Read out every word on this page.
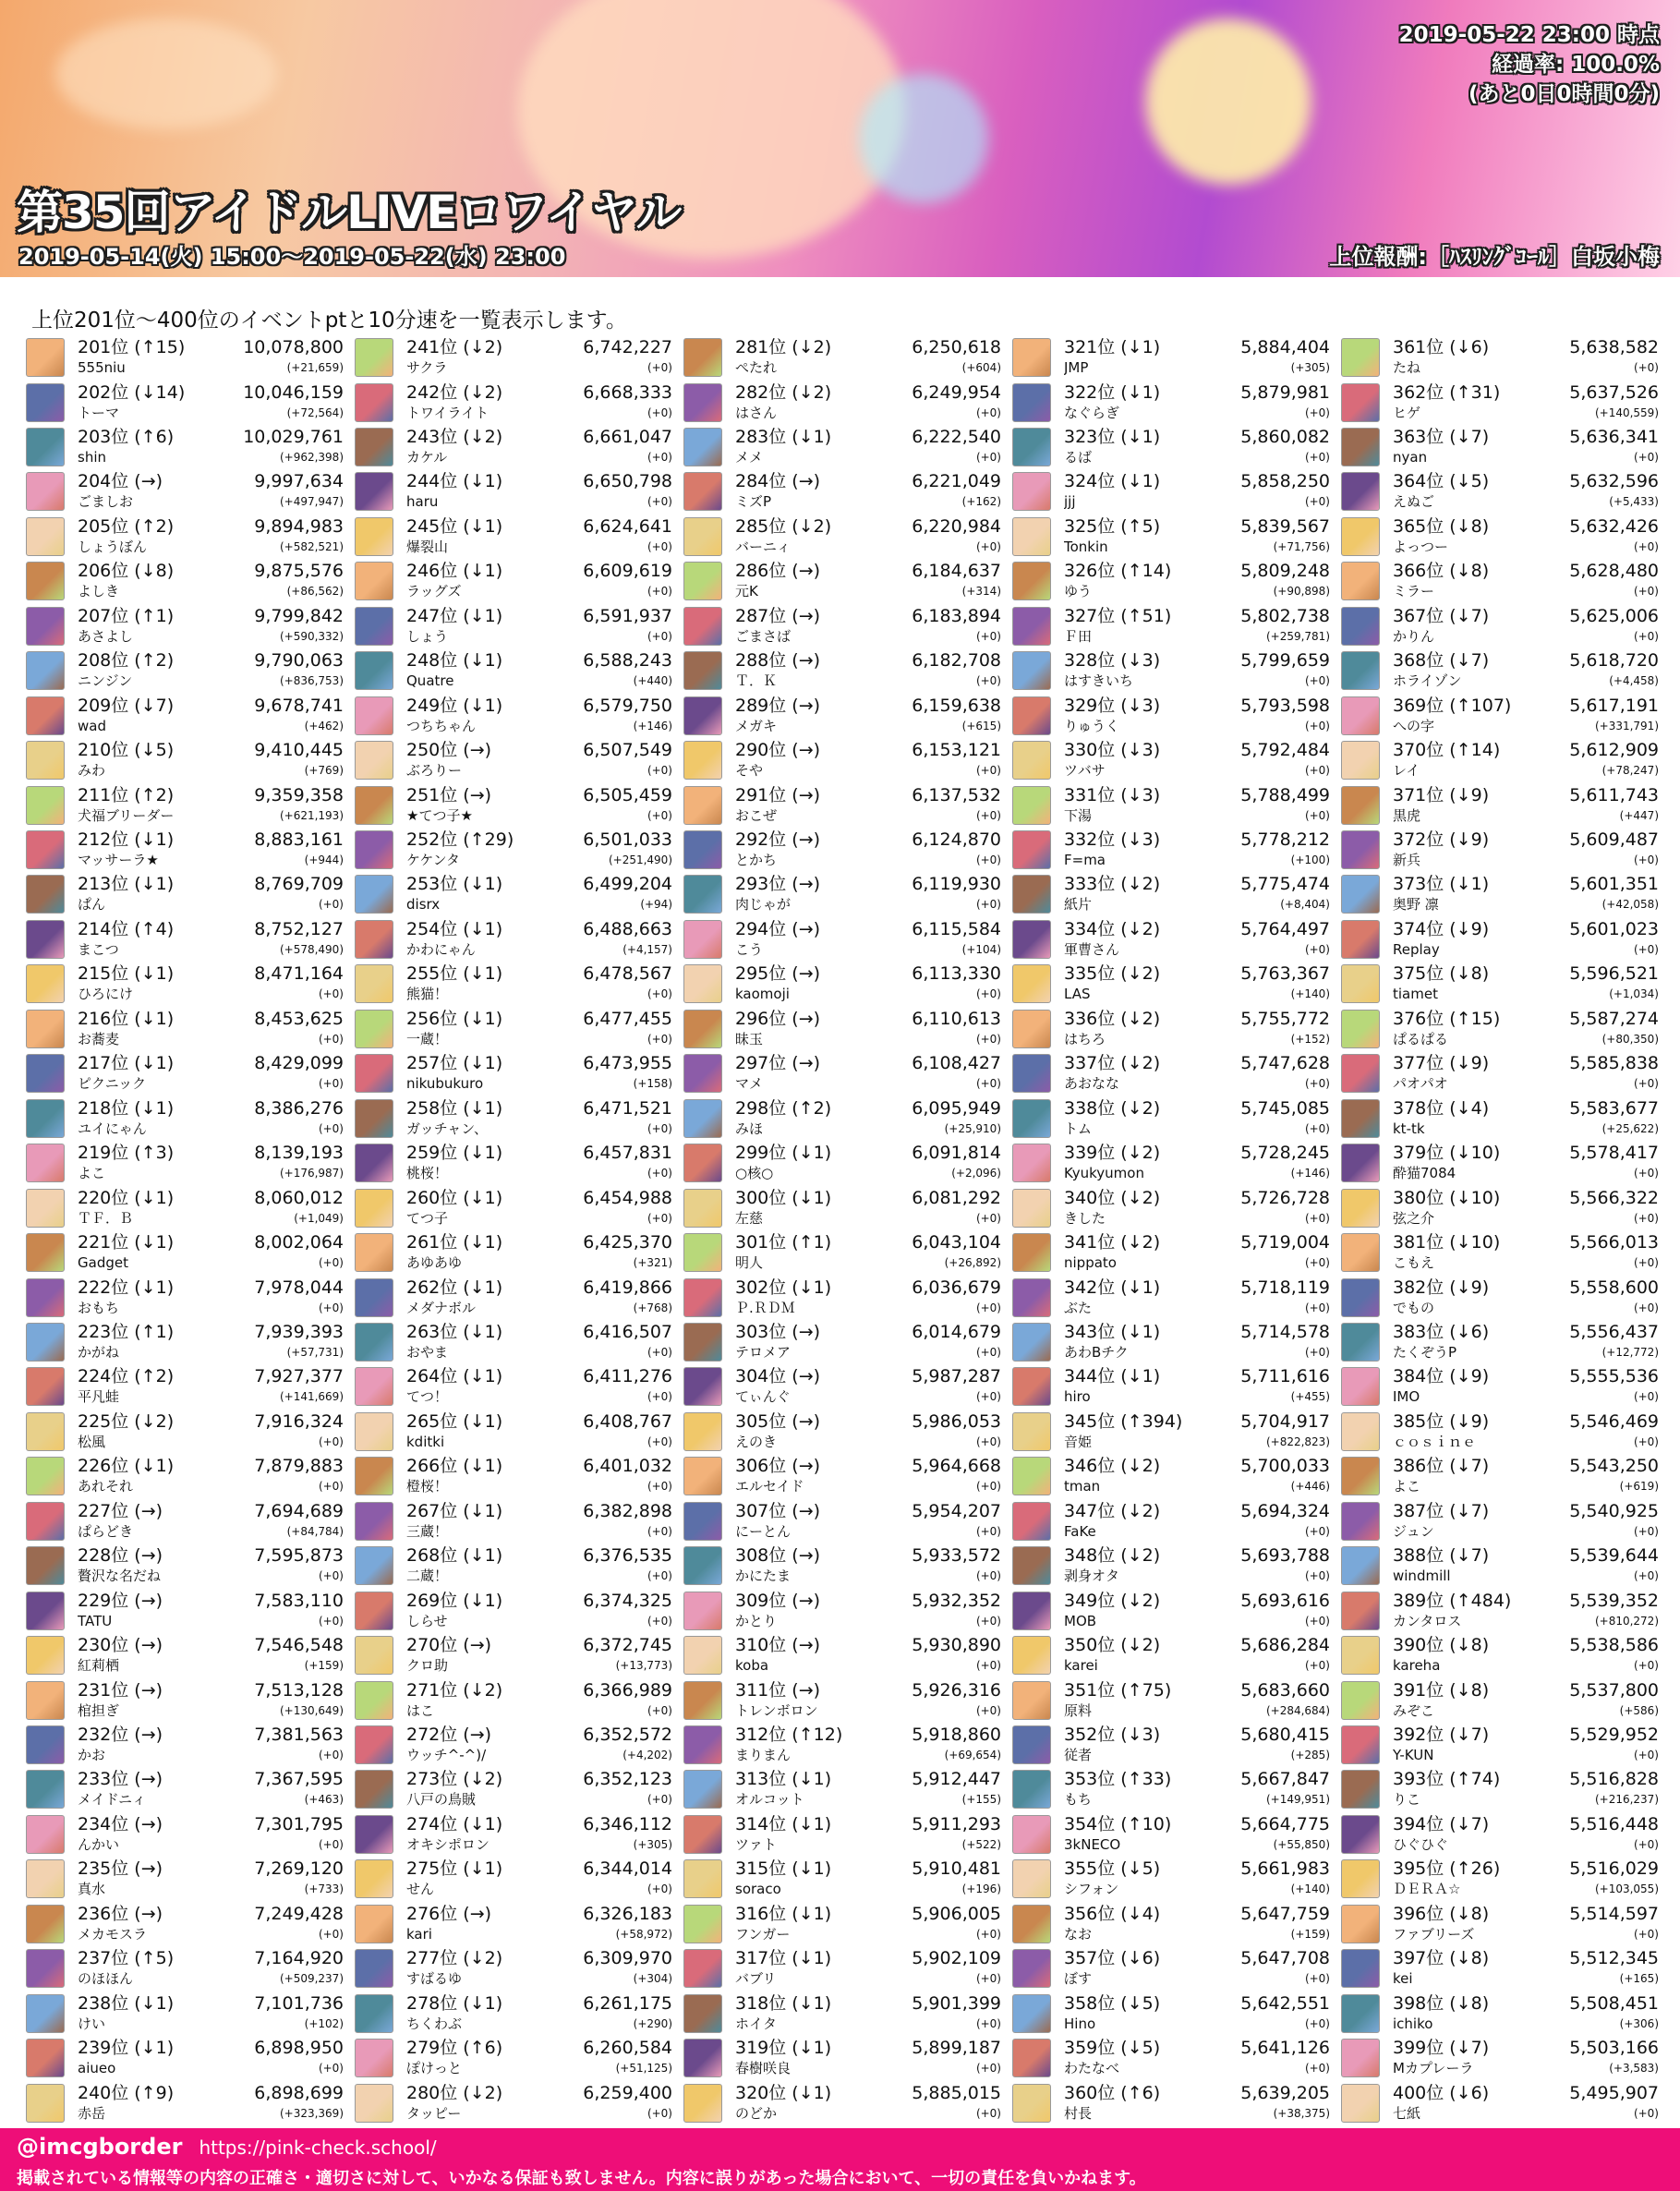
第35回アイドルLIVEロワイヤル
2019-05-14(火) 15:00〜2019-05-22(水) 23:00	上位報酬:［ﾊｽﾘﾝｸﾞｺｰﾙ］白坂小梅
2019-05-22 23:00 時点
経過率: 100.0%
(あと0日0時間0分)
上位201位〜400位のイベントptと10分速を一覧表示します。
201位 (↑15)	10,078,800
555niu	(+21,659)
202位 (↓14)	10,046,159
トーマ	(+72,564)
203位 (↑6)	10,029,761
shin	(+962,398)
204位 (→)	9,997,634
ごましお	(+497,947)
205位 (↑2)	9,894,983
しょうぼん	(+582,521)
206位 (↓8)	9,875,576
よしき	(+86,562)
207位 (↑1)	9,799,842
あさよし	(+590,332)
208位 (↑2)	9,790,063
ニンジン	(+836,753)
209位 (↓7)	9,678,741
wad	(+462)
210位 (↓5)	9,410,445
みわ	(+769)
211位 (↑2)	9,359,358
犬福ブリーダー	(+621,193)
212位 (↓1)	8,883,161
マッサーラ★	(+944)
213位 (↓1)	8,769,709
ぱん	(+0)
214位 (↑4)	8,752,127
まこつ	(+578,490)
215位 (↓1)	8,471,164
ひろにけ	(+0)
216位 (↓1)	8,453,625
お蕎麦	(+0)
217位 (↓1)	8,429,099
ピクニック	(+0)
218位 (↓1)	8,386,276
ユイにゃん	(+0)
219位 (↑3)	8,139,193
よこ	(+176,987)
220位 (↓1)	8,060,012
ＴＦ．Ｂ	(+1,049)
221位 (↓1)	8,002,064
Gadget	(+0)
222位 (↓1)	7,978,044
おもち	(+0)
223位 (↑1)	7,939,393
かがね	(+57,731)
224位 (↑2)	7,927,377
平凡蛙	(+141,669)
225位 (↓2)	7,916,324
松風	(+0)
226位 (↓1)	7,879,883
あれそれ	(+0)
227位 (→)	7,694,689
ぱらどき	(+84,784)
228位 (→)	7,595,873
贅沢な名だね	(+0)
229位 (→)	7,583,110
TATU	(+0)
230位 (→)	7,546,548
紅莉栖	(+159)
231位 (→)	7,513,128
棺担ぎ	(+130,649)
232位 (→)	7,381,563
かお	(+0)
233位 (→)	7,367,595
メイドニィ	(+463)
234位 (→)	7,301,795
んかい	(+0)
235位 (→)	7,269,120
真水	(+733)
236位 (→)	7,249,428
メカモスラ	(+0)
237位 (↑5)	7,164,920
のほほん	(+509,237)
238位 (↓1)	7,101,736
けい	(+102)
239位 (↓1)	6,898,950
aiueo	(+0)
240位 (↑9)	6,898,699
赤岳	(+323,369)
241位 (↓2)	6,742,227
サクラ	(+0)
242位 (↓2)	6,668,333
トワイライト	(+0)
243位 (↓2)	6,661,047
カケル	(+0)
244位 (↓1)	6,650,798
haru	(+0)
245位 (↓1)	6,624,641
爆裂山	(+0)
246位 (↓1)	6,609,619
ラッグズ	(+0)
247位 (↓1)	6,591,937
しょう	(+0)
248位 (↓1)	6,588,243
Quatre	(+440)
249位 (↓1)	6,579,750
つちちゃん	(+146)
250位 (→)	6,507,549
ぶろりー	(+0)
251位 (→)	6,505,459
★てつ子★	(+0)
252位 (↑29)	6,501,033
ケケンタ	(+251,490)
253位 (↓1)	6,499,204
disrx	(+94)
254位 (↓1)	6,488,663
かわにゃん	(+4,157)
255位 (↓1)	6,478,567
熊猫！	(+0)
256位 (↓1)	6,477,455
一蔵！	(+0)
257位 (↓1)	6,473,955
nikubukuro	(+158)
258位 (↓1)	6,471,521
ガッチャン、	(+0)
259位 (↓1)	6,457,831
桃桜！	(+0)
260位 (↓1)	6,454,988
てつ子	(+0)
261位 (↓1)	6,425,370
あゆあゆ	(+321)
262位 (↓1)	6,419,866
メダナボル	(+768)
263位 (↓1)	6,416,507
おやま	(+0)
264位 (↓1)	6,411,276
てつ！	(+0)
265位 (↓1)	6,408,767
kditki	(+0)
266位 (↓1)	6,401,032
橙桜！	(+0)
267位 (↓1)	6,382,898
三蔵！	(+0)
268位 (↓1)	6,376,535
二蔵！	(+0)
269位 (↓1)	6,374,325
しらせ	(+0)
270位 (→)	6,372,745
クロ助	(+13,773)
271位 (↓2)	6,366,989
はこ	(+0)
272位 (→)	6,352,572
ウッチ^-^)/	(+4,202)
273位 (↓2)	6,352,123
八戸の鳥賊	(+0)
274位 (↓1)	6,346,112
オキシポロン	(+305)
275位 (↓1)	6,344,014
せん	(+0)
276位 (→)	6,326,183
kari	(+58,972)
277位 (↓2)	6,309,970
すばるゆ	(+304)
278位 (↓1)	6,261,175
ちくわぶ	(+290)
279位 (↑6)	6,260,584
ぽけっと	(+51,125)
280位 (↓2)	6,259,400
タッピー	(+0)
281位 (↓2)	6,250,618
ぺたれ	(+604)
282位 (↓2)	6,249,954
はさん	(+0)
283位 (↓1)	6,222,540
メメ	(+0)
284位 (→)	6,221,049
ミズP	(+162)
285位 (↓2)	6,220,984
バーニィ	(+0)
286位 (→)	6,184,637
元K	(+314)
287位 (→)	6,183,894
ごまさば	(+0)
288位 (→)	6,182,708
Ｔ．Ｋ	(+0)
289位 (→)	6,159,638
メガキ	(+615)
290位 (→)	6,153,121
そや	(+0)
291位 (→)	6,137,532
おこぜ	(+0)
292位 (→)	6,124,870
とかち	(+0)
293位 (→)	6,119,930
肉じゃが	(+0)
294位 (→)	6,115,584
こう	(+104)
295位 (→)	6,113,330
kaomoji	(+0)
296位 (→)	6,110,613
昧玉	(+0)
297位 (→)	6,108,427
マメ	(+0)
298位 (↑2)	6,095,949
みほ	(+25,910)
299位 (↓1)	6,091,814
○核○	(+2,096)
300位 (↓1)	6,081,292
左慈	(+0)
301位 (↑1)	6,043,104
明人	(+26,892)
302位 (↓1)	6,036,679
Ｐ.ＲＤＭ	(+0)
303位 (→)	6,014,679
テロメア	(+0)
304位 (→)	5,987,287
てぃんぐ	(+0)
305位 (→)	5,986,053
えのき	(+0)
306位 (→)	5,964,668
エルセイド	(+0)
307位 (→)	5,954,207
にーとん	(+0)
308位 (→)	5,933,572
かにたま	(+0)
309位 (→)	5,932,352
かとり	(+0)
310位 (→)	5,930,890
koba	(+0)
311位 (→)	5,926,316
トレンボロン	(+0)
312位 (↑12)	5,918,860
まりまん	(+69,654)
313位 (↓1)	5,912,447
オルコット	(+155)
314位 (↓1)	5,911,293
ツァト	(+522)
315位 (↓1)	5,910,481
soraco	(+196)
316位 (↓1)	5,906,005
フンガー	(+0)
317位 (↓1)	5,902,109
バブリ	(+0)
318位 (↓1)	5,901,399
ホイタ	(+0)
319位 (↓1)	5,899,187
春樹咲良	(+0)
320位 (↓1)	5,885,015
のどか	(+0)
321位 (↓1)	5,884,404
JMP	(+305)
322位 (↓1)	5,879,981
なぐらぎ	(+0)
323位 (↓1)	5,860,082
るば	(+0)
324位 (↓1)	5,858,250
jjj	(+0)
325位 (↑5)	5,839,567
Tonkin	(+71,756)
326位 (↑14)	5,809,248
ゆう	(+90,898)
327位 (↑51)	5,802,738
Ｆ田	(+259,781)
328位 (↓3)	5,799,659
はすきいち	(+0)
329位 (↓3)	5,793,598
りゅうく	(+0)
330位 (↓3)	5,792,484
ツバサ	(+0)
331位 (↓3)	5,788,499
下湯	(+0)
332位 (↓3)	5,778,212
F=ma	(+100)
333位 (↓2)	5,775,474
紙片	(+8,404)
334位 (↓2)	5,764,497
軍曹さん	(+0)
335位 (↓2)	5,763,367
LAS	(+140)
336位 (↓2)	5,755,772
はちろ	(+152)
337位 (↓2)	5,747,628
あおなな	(+0)
338位 (↓2)	5,745,085
トム	(+0)
339位 (↓2)	5,728,245
Kyukyumon	(+146)
340位 (↓2)	5,726,728
きした	(+0)
341位 (↓2)	5,719,004
nippato	(+0)
342位 (↓1)	5,718,119
ぶた	(+0)
343位 (↓1)	5,714,578
あわBチク	(+0)
344位 (↓1)	5,711,616
hiro	(+455)
345位 (↑394)	5,704,917
音姫	(+822,823)
346位 (↓2)	5,700,033
tman	(+446)
347位 (↓2)	5,694,324
FaKe	(+0)
348位 (↓2)	5,693,788
剥身オタ	(+0)
349位 (↓2)	5,693,616
MOB	(+0)
350位 (↓2)	5,686,284
karei	(+0)
351位 (↑75)	5,683,660
原料	(+284,684)
352位 (↓3)	5,680,415
従者	(+285)
353位 (↑33)	5,667,847
もち	(+149,951)
354位 (↑10)	5,664,775
3kNECO	(+55,850)
355位 (↓5)	5,661,983
シフォン	(+140)
356位 (↓4)	5,647,759
なお	(+159)
357位 (↓6)	5,647,708
ぼす	(+0)
358位 (↓5)	5,642,551
Hino	(+0)
359位 (↓5)	5,641,126
わたなべ	(+0)
360位 (↑6)	5,639,205
村長	(+38,375)
361位 (↓6)	5,638,582
たね	(+0)
362位 (↑31)	5,637,526
ヒゲ	(+140,559)
363位 (↓7)	5,636,341
nyan	(+0)
364位 (↓5)	5,632,596
えぬご	(+5,433)
365位 (↓8)	5,632,426
よっつー	(+0)
366位 (↓8)	5,628,480
ミラー	(+0)
367位 (↓7)	5,625,006
かりん	(+0)
368位 (↓7)	5,618,720
ホライゾン	(+4,458)
369位 (↑107)	5,617,191
への字	(+331,791)
370位 (↑14)	5,612,909
レイ	(+78,247)
371位 (↓9)	5,611,743
黒虎	(+447)
372位 (↓9)	5,609,487
新兵	(+0)
373位 (↓1)	5,601,351
奥野 凛	(+42,058)
374位 (↓9)	5,601,023
Replay	(+0)
375位 (↓8)	5,596,521
tiamet	(+1,034)
376位 (↑15)	5,587,274
ぱるぱる	(+80,350)
377位 (↓9)	5,585,838
パオパオ	(+0)
378位 (↓4)	5,583,677
kt-tk	(+25,622)
379位 (↓10)	5,578,417
酔猫7084	(+0)
380位 (↓10)	5,566,322
弦之介	(+0)
381位 (↓10)	5,566,013
こもえ	(+0)
382位 (↓9)	5,558,600
でもの	(+0)
383位 (↓6)	5,556,437
たくぞうP	(+12,772)
384位 (↓9)	5,555,536
IMO	(+0)
385位 (↓9)	5,546,469
ｃｏｓｉｎｅ	(+0)
386位 (↓7)	5,543,250
よこ	(+619)
387位 (↓7)	5,540,925
ジュン	(+0)
388位 (↓7)	5,539,644
windmill	(+0)
389位 (↑484)	5,539,352
カンタロス	(+810,272)
390位 (↓8)	5,538,586
kareha	(+0)
391位 (↓8)	5,537,800
みぞこ	(+586)
392位 (↓7)	5,529,952
Y-KUN	(+0)
393位 (↑74)	5,516,828
りこ	(+216,237)
394位 (↓7)	5,516,448
ひぐひぐ	(+0)
395位 (↑26)	5,516,029
ＤＥＲＡ☆	(+103,055)
396位 (↓8)	5,514,597
ファブリーズ	(+0)
397位 (↓8)	5,512,345
kei	(+165)
398位 (↓8)	5,508,451
ichiko	(+306)
399位 (↓7)	5,503,166
Mカプレーラ	(+3,583)
400位 (↓6)	5,495,907
七紙	(+0)
@imcgborder https://pink-check.school/
掲載されている情報等の内容の正確さ・適切さに対して、いかなる保証も致しません。内容に誤りがあった場合において、一切の責任を負いかねます。
